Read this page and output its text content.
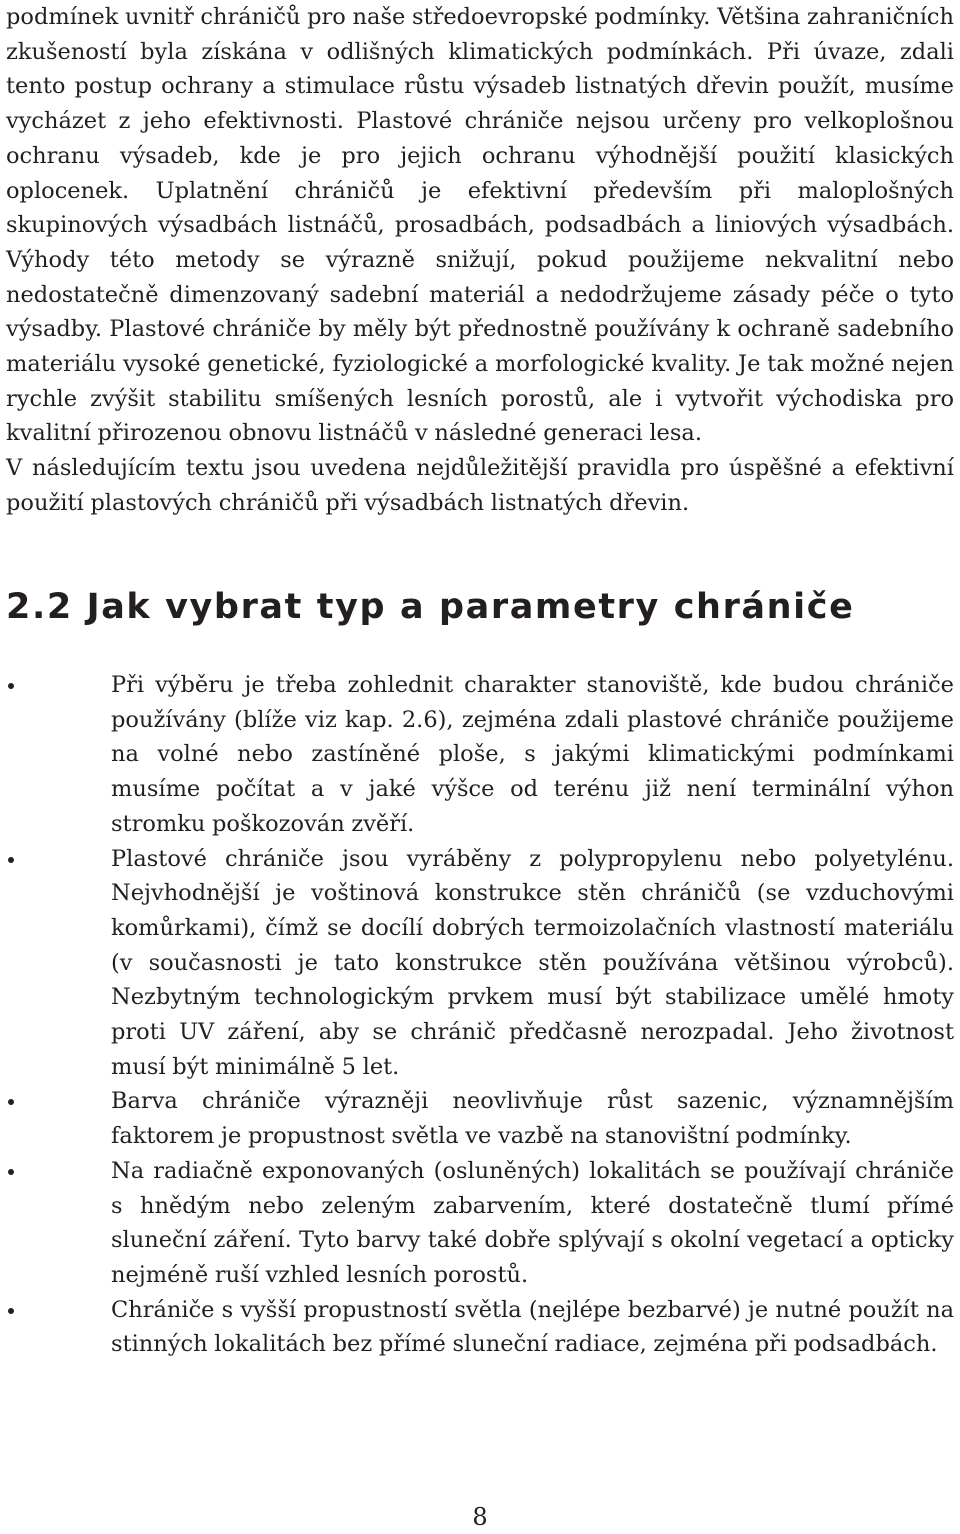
podmínek uvnitř chráničů pro naše středoevropské podmínky. Většina zahraničních zkušeností byla získána v odlišných klimatických podmínkách. Při úvaze, zdali tento postup ochrany a stimulace růstu výsadeb listnatých dřevin použít, musíme vycházet z jeho efektivnosti. Plastové chrániče nejsou určeny pro velkoplošnou ochranu výsadeb, kde je pro jejich ochranu výhodnější použití klasických oplocenek. Uplatnění chráničů je efektivní především při maloplošných skupinových výsadbách listnáčů, prosadbách, podsadbách a liniových výsadbách. Výhody této metody se výrazně snižují, pokud použijeme nekvalitní nebo nedostatečně dimenzovaný sadební materiál a nedodržujeme zásady péče o tyto výsadby. Plastové chrániče by měly být přednostně používány k ochraně sadebního materiálu vysoké genetické, fyziologické a morfologické kvality. Je tak možné nejen rychle zvýšit stabilitu smíšených lesních porostů, ale i vytvořit východiska pro kvalitní přirozenou obnovu listnáčů v následné generaci lesa.

V následujícím textu jsou uvedena nejdůležitější pravidla pro úspěšné a efektivní použití plastových chráničů při výsadbách listnatých dřevin.

2.2 Jak vybrat typ a parametry chrániče
Při výběru je třeba zohlednit charakter stanoviště, kde budou chrániče používány (blíže viz kap. 2.6), zejména zdali plastové chrániče použijeme na volné nebo zastíněné ploše, s jakými klimatickými podmínkami musíme počítat a v jaké výšce od terénu již není terminální výhon stromku poškozován zvěří.
Plastové chrániče jsou vyráběny z polypropylenu nebo polyetylénu. Nejvhodnější je voštinová konstrukce stěn chráničů (se vzduchovými komůrkami), čímž se docílí dobrých termoizolačních vlastností materiálu (v současnosti je tato konstrukce stěn používána většinou výrobců). Nezbytným technologickým prvkem musí být stabilizace umělé hmoty proti UV záření, aby se chránič předčasně nerozpadal. Jeho životnost musí být minimálně 5 let.
Barva chrániče výrazněji neovlivňuje růst sazenic, významnějším faktorem je propustnost světla ve vazbě na stanovištní podmínky.
Na radiačně exponovaných (osluněných) lokalitách se používají chrániče s hnědým nebo zeleným zabarvením, které dostatečně tlumí přímé sluneční záření. Tyto barvy také dobře splývají s okolní vegetací a opticky nejméně ruší vzhled lesních porostů.
Chrániče s vyšší propustností světla (nejlépe bezbarvé) je nutné použít na stinných lokalitách bez přímé sluneční radiace, zejména při podsadbách.
8
